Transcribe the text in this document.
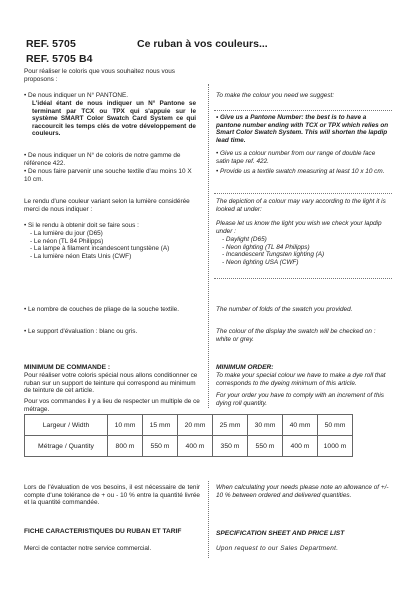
REF. 5705
REF. 5705 B4
Ce ruban à vos couleurs...
Pour réaliser le coloris que vous souhaitez nous vous proposons :
• De nous indiquer un N° PANTONE.
L'idéal étant de nous indiquer un N° Pantone se terminant par TCX ou TPX qui s'appuie sur le système SMART Color Swatch Card System ce qui raccourcit les temps clés de votre développement de couleurs.
• De nous indiquer un N° de coloris de notre gamme de référence 422.
• De nous faire parvenir une souche textile d'au moins 10 X 10 cm.
Le rendu d'une couleur variant selon la lumière considérée merci de nous indiquer :
• Si le rendu à obtenir doit se faire sous :
- La lumière du jour (D65)
- Le néon (TL 84 Philipps)
- La lampe à filament incandescent tungstène (A)
- La lumière néon Etats Unis (CWF)
• Le nombre de couches de pliage de la souche textile.
• Le support d'évaluation : blanc ou gris.
MINIMUM DE COMMANDE :
Pour réaliser votre coloris spécial nous allons conditionner ce ruban sur un support de teinture qui correspond au minimum de teinture de cet article.
Pour vos commandes il y a lieu de respecter un multiple de ce métrage.
To make the colour you need we suggest:
• Give us a Pantone Number: the best is to have a pantone number ending with TCX or TPX which relies on Smart Color Swatch System. This will shorten the lapdip lead time.
• Give us a colour number from our range of double face satin tape ref. 422.
• Provide us a textile swatch measuring at least 10 x 10 cm.
The depiction of a colour may vary according to the light it is looked at under:
Please let us know the light you wish we check your lapdip under :
- Daylight (D65)
- Neon lighting (TL 84 Philipps)
- Incandescent Tungsten lighting (A)
- Neon lighting USA (CWF)
The number of folds of the swatch you provided.
The colour of the display the swatch will be checked on : white or grey.
MINIMUM ORDER:
To make your special colour we have to make a dye roll that corresponds to the dyeing minimum of this article.
For your order you have to comply with an increment of this dying roll quantity.
Largeur / Width	10 mm	15 mm	20 mm	25 mm	30 mm	40 mm	50 mm
Métrage / Quantity	800 m	550 m	400 m	350 m	550 m	400 m	1000 m
Lors de l'évaluation de vos besoins, il est nécessaire de tenir compte d'une tolérance de + ou - 10 % entre la quantité livrée et la quantité commandée.
When calculating your needs please note an allowance of +/- 10 % between ordered and delivered quantities.
FICHE CARACTERISTIQUES DU RUBAN ET TARIF
Merci de contacter notre service commercial.
SPECIFICATION SHEET AND PRICE LIST
Upon request to our Sales Department.
